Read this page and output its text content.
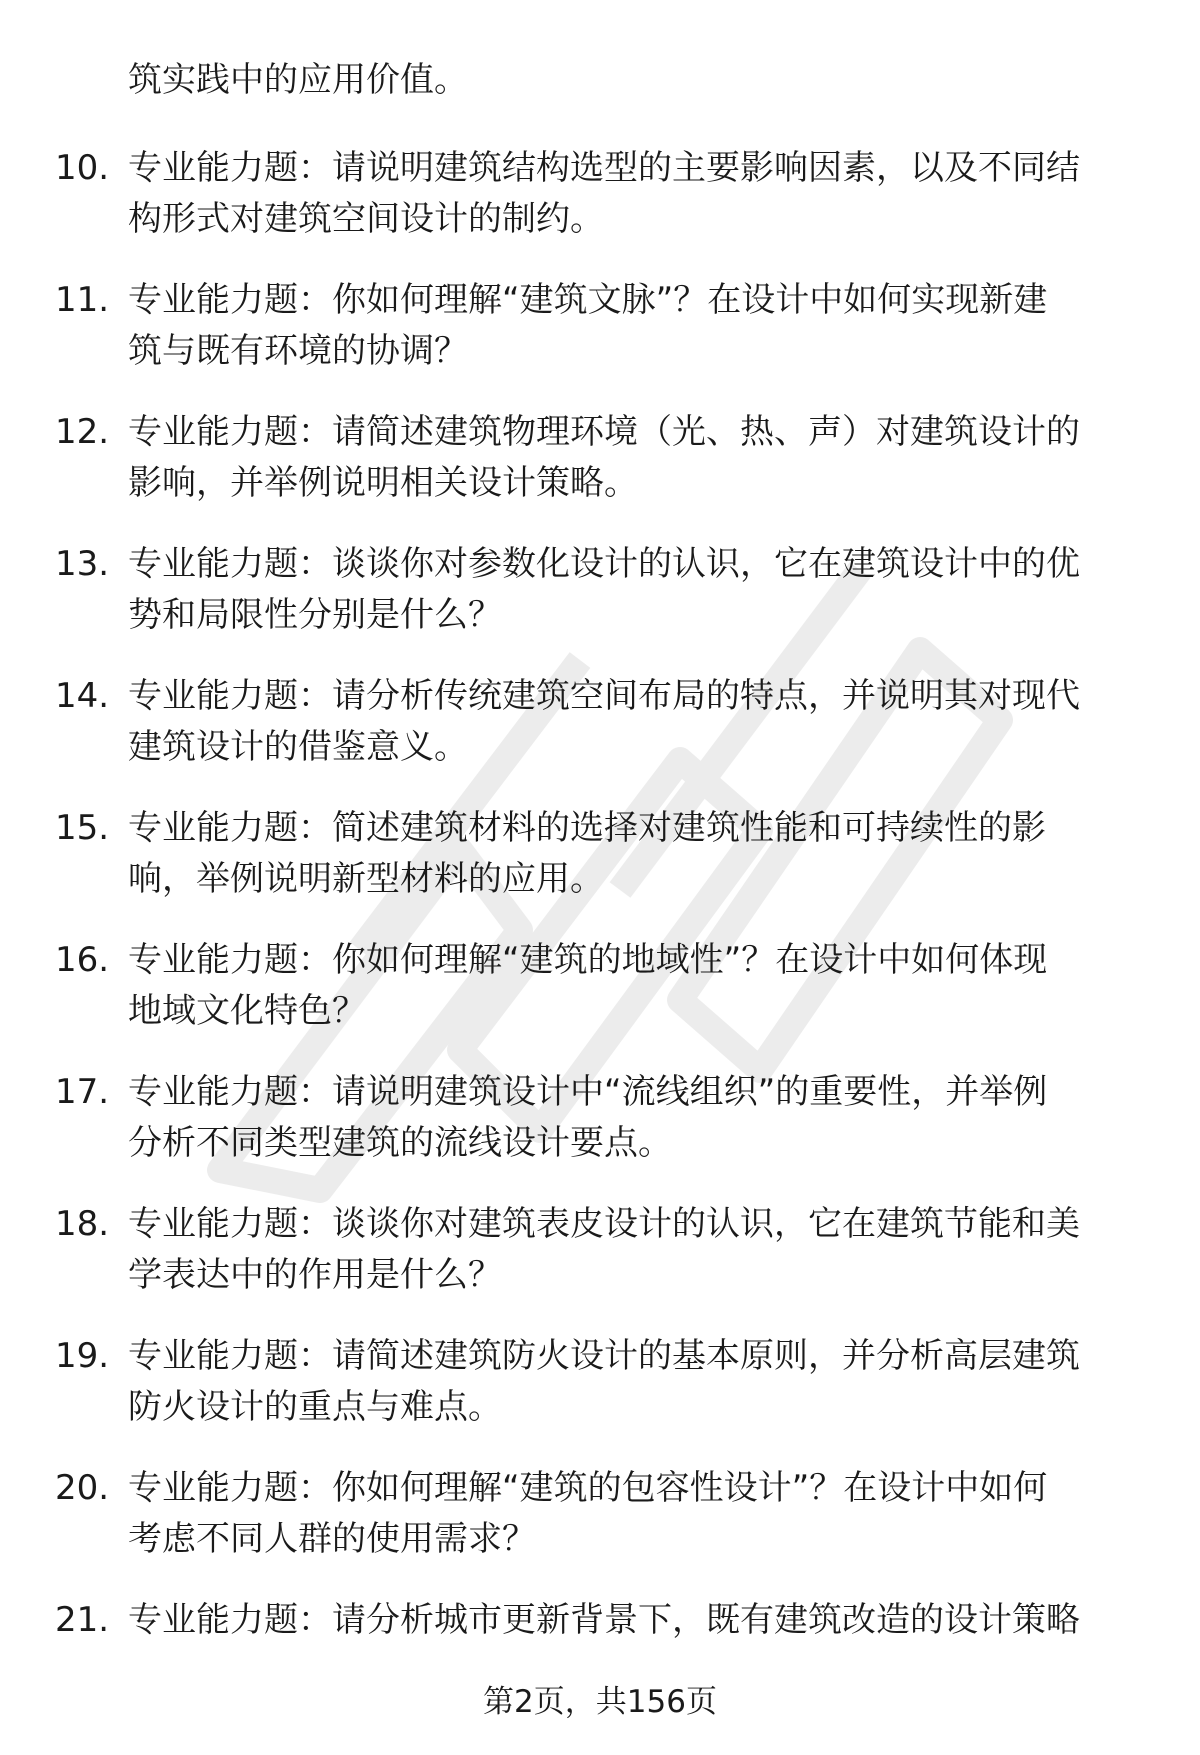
筑实践中的应用价值。
10. 专业能力题：请说明建筑结构选型的主要影响因素，以及不同结
构形式对建筑空间设计的制约。
11. 专业能力题：你如何理解“建筑文脉”？在设计中如何实现新建
筑与既有环境的协调？
12. 专业能力题：请简述建筑物理环境（光、热、声）对建筑设计的
影响，并举例说明相关设计策略。
13. 专业能力题：谈谈你对参数化设计的认识，它在建筑设计中的优
势和局限性分别是什么？
14. 专业能力题：请分析传统建筑空间布局的特点，并说明其对现代
建筑设计的借鉴意义。
15. 专业能力题：简述建筑材料的选择对建筑性能和可持续性的影
响，举例说明新型材料的应用。
16. 专业能力题：你如何理解“建筑的地域性”？在设计中如何体现
地域文化特色？
17. 专业能力题：请说明建筑设计中“流线组织”的重要性，并举例
分析不同类型建筑的流线设计要点。
18. 专业能力题：谈谈你对建筑表皮设计的认识，它在建筑节能和美
学表达中的作用是什么？
19. 专业能力题：请简述建筑防火设计的基本原则，并分析高层建筑
防火设计的重点与难点。
20. 专业能力题：你如何理解“建筑的包容性设计”？在设计中如何
考虑不同人群的使用需求？
21. 专业能力题：请分析城市更新背景下，既有建筑改造的设计策略
第2页，共156页
